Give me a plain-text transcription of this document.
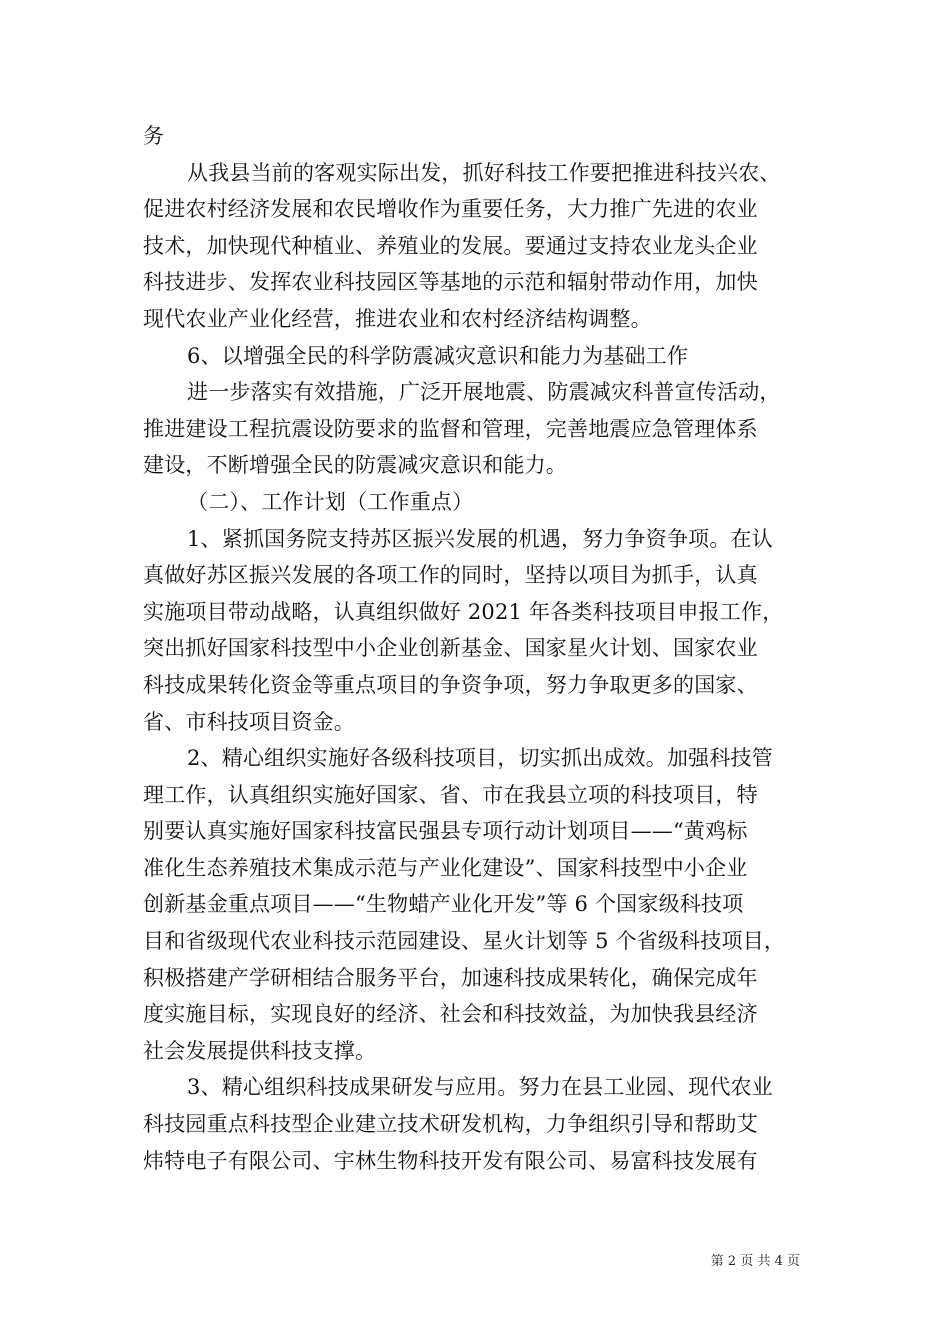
务
从我县当前的客观实际出发，抓好科技工作要把推进科技兴农、
促进农村经济发展和农民增收作为重要任务，大力推广先进的农业
技术，加快现代种植业、养殖业的发展。要通过支持农业龙头企业
科技进步、发挥农业科技园区等基地的示范和辐射带动作用，加快
现代农业产业化经营，推进农业和农村经济结构调整。
6、以增强全民的科学防震减灾意识和能力为基础工作
进一步落实有效措施，广泛开展地震、防震减灾科普宣传活动，
推进建设工程抗震设防要求的监督和管理，完善地震应急管理体系
建设，不断增强全民的防震减灾意识和能力。
（二）、工作计划（工作重点）
1、紧抓国务院支持苏区振兴发展的机遇，努力争资争项。在认
真做好苏区振兴发展的各项工作的同时，坚持以项目为抓手，认真
实施项目带动战略，认真组织做好 2021 年各类科技项目申报工作，
突出抓好国家科技型中小企业创新基金、国家星火计划、国家农业
科技成果转化资金等重点项目的争资争项，努力争取更多的国家、
省、市科技项目资金。
2、精心组织实施好各级科技项目，切实抓出成效。加强科技管
理工作，认真组织实施好国家、省、市在我县立项的科技项目，特
别要认真实施好国家科技富民强县专项行动计划项目——“黄鸡标
准化生态养殖技术集成示范与产业化建设”、国家科技型中小企业
创新基金重点项目——“生物蜡产业化开发”等 6 个国家级科技项
目和省级现代农业科技示范园建设、星火计划等 5 个省级科技项目，
积极搭建产学研相结合服务平台，加速科技成果转化，确保完成年
度实施目标，实现良好的经济、社会和科技效益，为加快我县经济
社会发展提供科技支撑。
3、精心组织科技成果研发与应用。努力在县工业园、现代农业
科技园重点科技型企业建立技术研发机构，力争组织引导和帮助艾
炜特电子有限公司、宇林生物科技开发有限公司、易富科技发展有
第 2 页 共 4 页
